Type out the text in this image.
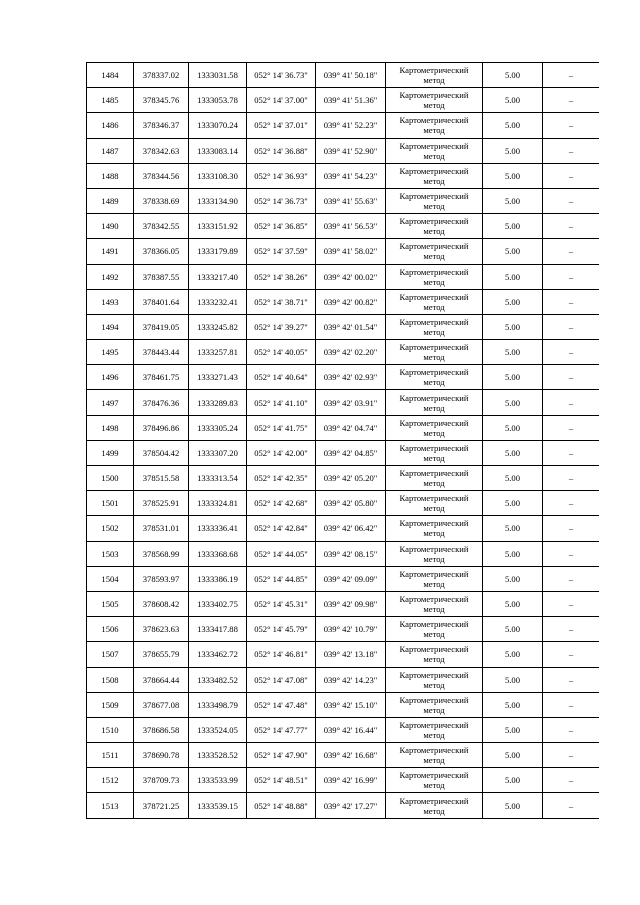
1484	378337.02	1333031.58	052° 14' 36.73"	039° 41' 50.18"	Картометрический метод	5.00	–
1485	378345.76	1333053.78	052° 14' 37.00"	039° 41' 51.36"	Картометрический метод	5.00	–
1486	378346.37	1333070.24	052° 14' 37.01"	039° 41' 52.23"	Картометрический метод	5.00	–
1487	378342.63	1333083.14	052° 14' 36.88"	039° 41' 52.90"	Картометрический метод	5.00	–
1488	378344.56	1333108.30	052° 14' 36.93"	039° 41' 54.23"	Картометрический метод	5.00	–
1489	378338.69	1333134.90	052° 14' 36.73"	039° 41' 55.63"	Картометрический метод	5.00	–
1490	378342.55	1333151.92	052° 14' 36.85"	039° 41' 56.53"	Картометрический метод	5.00	–
1491	378366.05	1333179.89	052° 14' 37.59"	039° 41' 58.02"	Картометрический метод	5.00	–
1492	378387.55	1333217.40	052° 14' 38.26"	039° 42' 00.02"	Картометрический метод	5.00	–
1493	378401.64	1333232.41	052° 14' 38.71"	039° 42' 00.82"	Картометрический метод	5.00	–
1494	378419.05	1333245.82	052° 14' 39.27"	039° 42' 01.54"	Картометрический метод	5.00	–
1495	378443.44	1333257.81	052° 14' 40.05"	039° 42' 02.20"	Картометрический метод	5.00	–
1496	378461.75	1333271.43	052° 14' 40.64"	039° 42' 02.93"	Картометрический метод	5.00	–
1497	378476.36	1333289.83	052° 14' 41.10"	039° 42' 03.91"	Картометрический метод	5.00	–
1498	378496.86	1333305.24	052° 14' 41.75"	039° 42' 04.74"	Картометрический метод	5.00	–
1499	378504.42	1333307.20	052° 14' 42.00"	039° 42' 04.85"	Картометрический метод	5.00	–
1500	378515.58	1333313.54	052° 14' 42.35"	039° 42' 05.20"	Картометрический метод	5.00	–
1501	378525.91	1333324.81	052° 14' 42.68"	039° 42' 05.80"	Картометрический метод	5.00	–
1502	378531.01	1333336.41	052° 14' 42.84"	039° 42' 06.42"	Картометрический метод	5.00	–
1503	378568.99	1333368.68	052° 14' 44.05"	039° 42' 08.15"	Картометрический метод	5.00	–
1504	378593.97	1333386.19	052° 14' 44.85"	039° 42' 09.09"	Картометрический метод	5.00	–
1505	378608.42	1333402.75	052° 14' 45.31"	039° 42' 09.98"	Картометрический метод	5.00	–
1506	378623.63	1333417.88	052° 14' 45.79"	039° 42' 10.79"	Картометрический метод	5.00	–
1507	378655.79	1333462.72	052° 14' 46.81"	039° 42' 13.18"	Картометрический метод	5.00	–
1508	378664.44	1333482.52	052° 14' 47.08"	039° 42' 14.23"	Картометрический метод	5.00	–
1509	378677.08	1333498.79	052° 14' 47.48"	039° 42' 15.10"	Картометрический метод	5.00	–
1510	378686.58	1333524.05	052° 14' 47.77"	039° 42' 16.44"	Картометрический метод	5.00	–
1511	378690.78	1333528.52	052° 14' 47.90"	039° 42' 16.68"	Картометрический метод	5.00	–
1512	378709.73	1333533.99	052° 14' 48.51"	039° 42' 16.99"	Картометрический метод	5.00	–
1513	378721.25	1333539.15	052° 14' 48.88"	039° 42' 17.27"	Картометрический метод	5.00	–
